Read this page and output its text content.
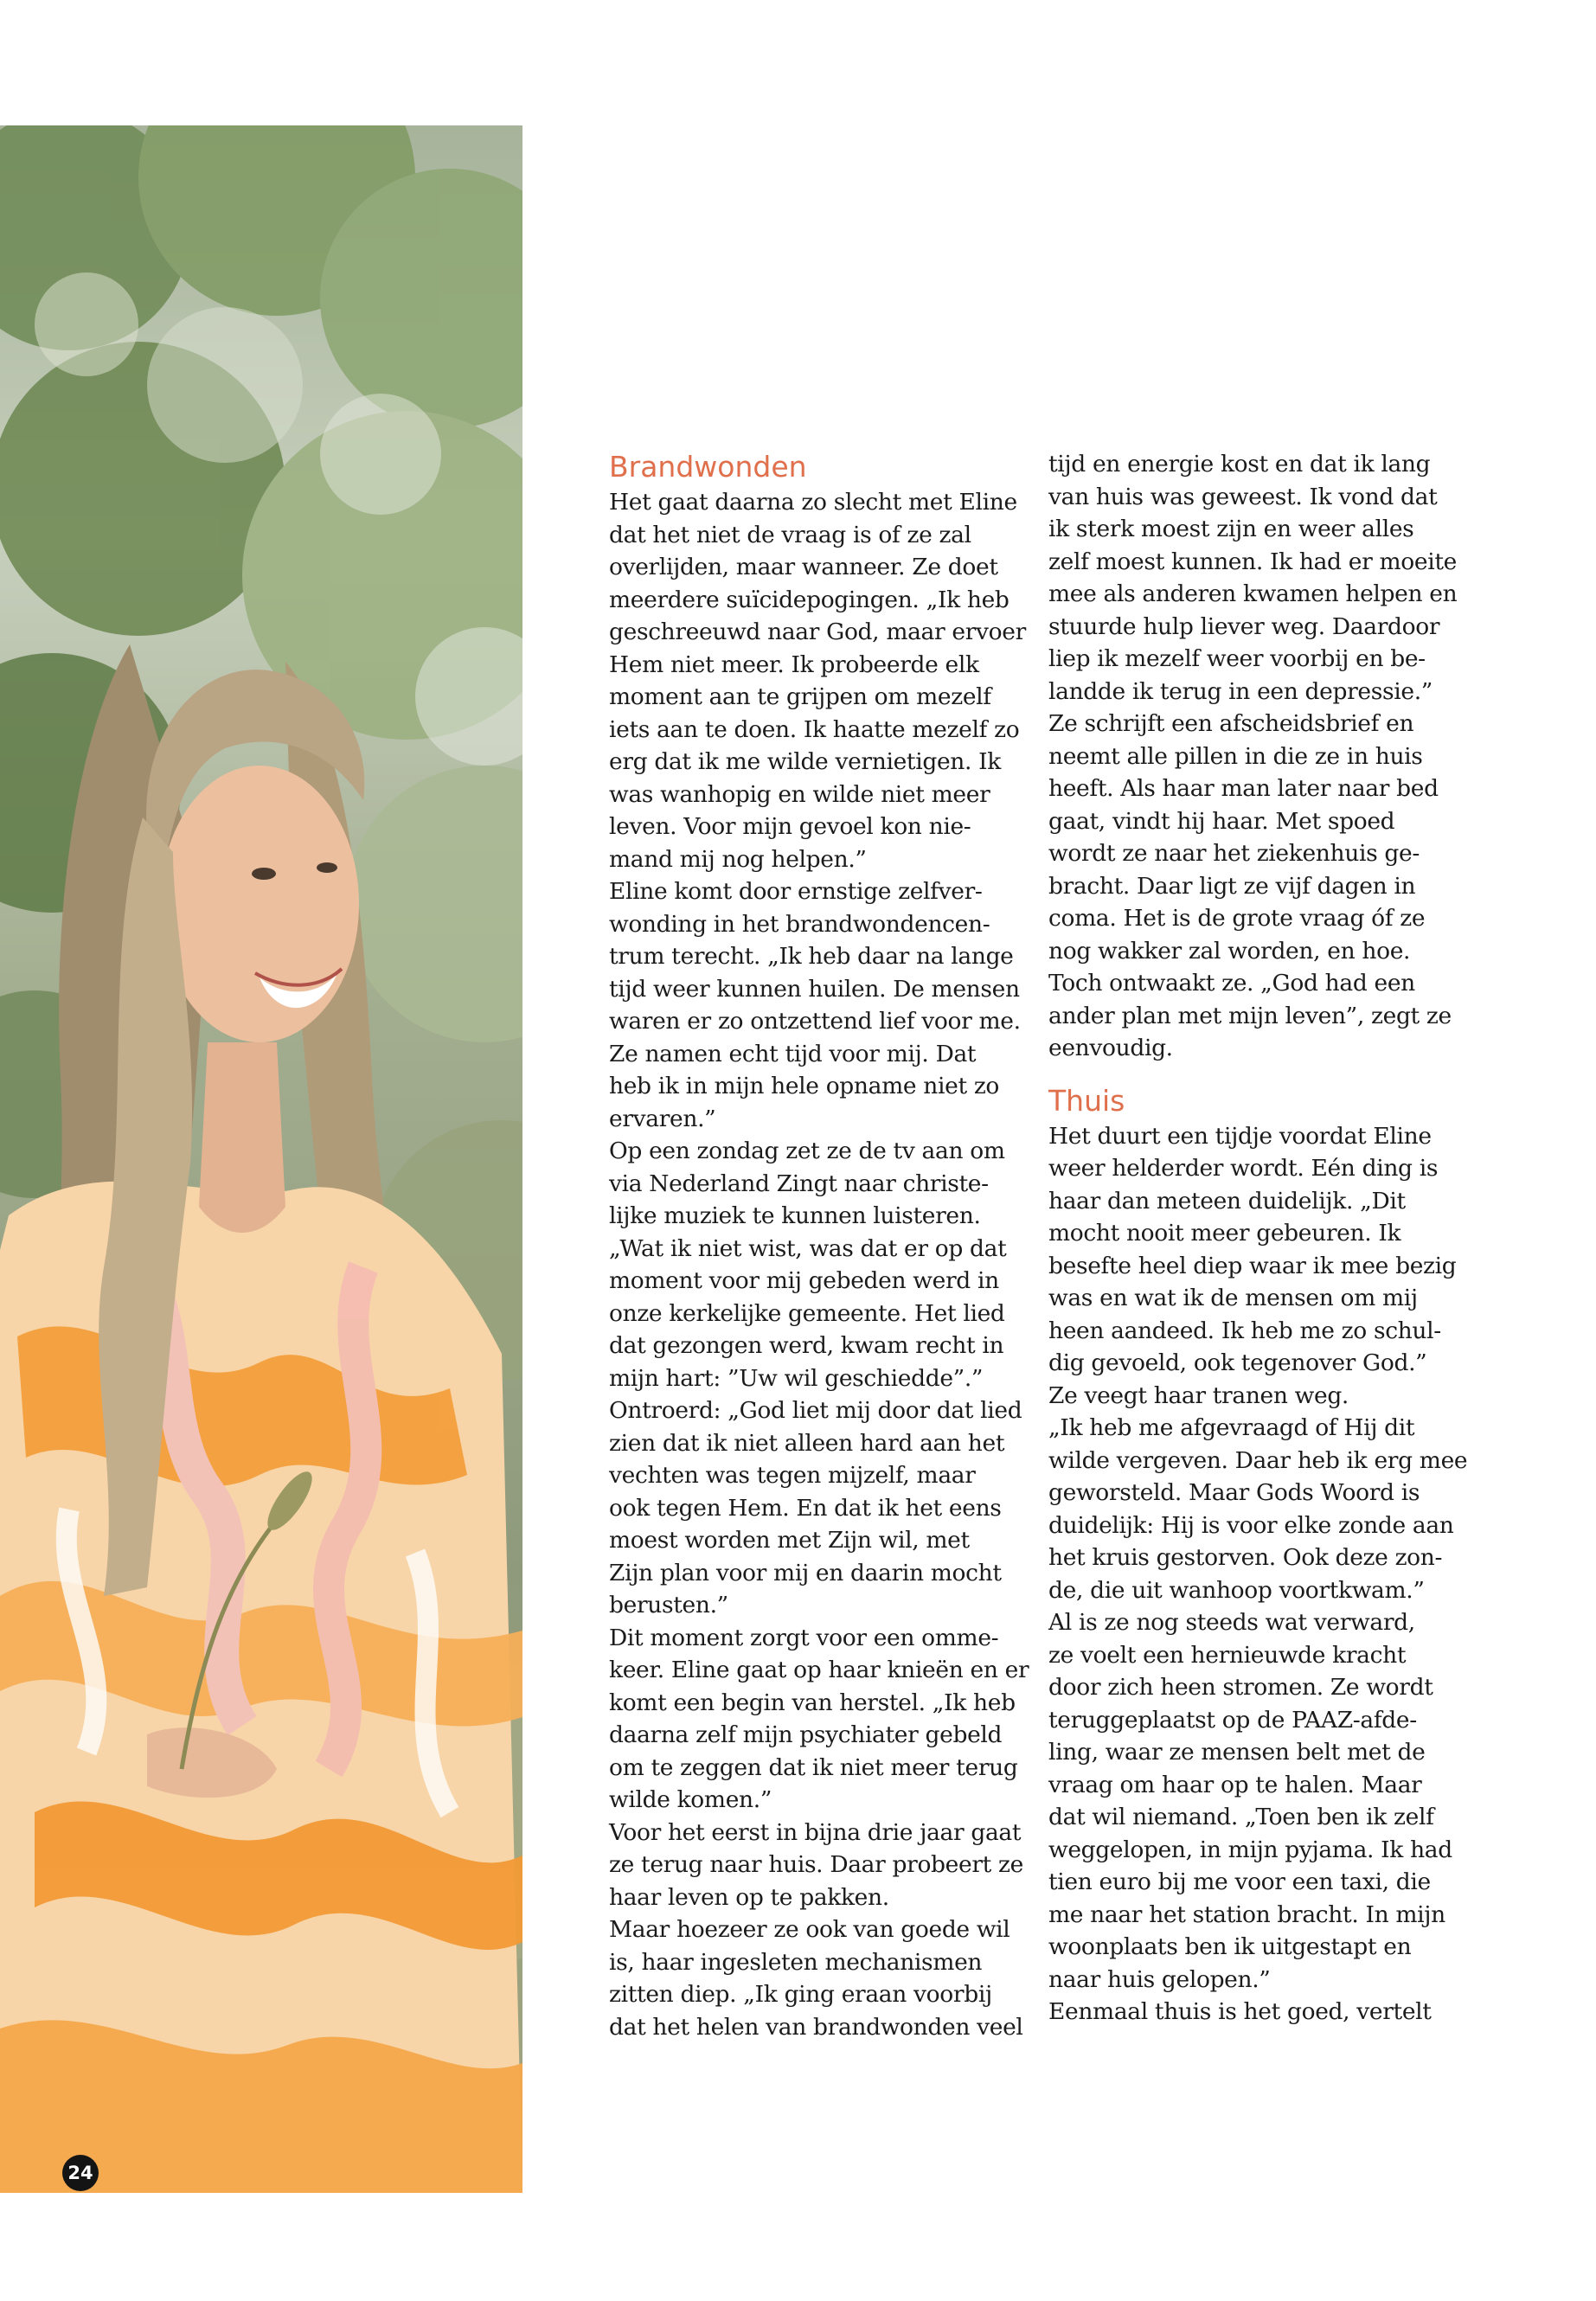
24
Brandwonden

Het gaat daarna zo slecht met Eline
dat het niet de vraag is of ze zal
overlijden, maar wanneer. Ze doet
meerdere suïcidepogingen. „Ik heb
geschreeuwd naar God, maar ervoer
Hem niet meer. Ik probeerde elk
moment aan te grijpen om mezelf
iets aan te doen. Ik haatte mezelf zo
erg dat ik me wilde vernietigen. Ik
was wanhopig en wilde niet meer
leven. Voor mijn gevoel kon nie-
mand mij nog helpen.”

Eline komt door ernstige zelfver-
wonding in het brandwondencen-
trum terecht. „Ik heb daar na lange
tijd weer kunnen huilen. De mensen
waren er zo ontzettend lief voor me.
Ze namen echt tijd voor mij. Dat
heb ik in mijn hele opname niet zo
ervaren.”

Op een zondag zet ze de tv aan om
via Nederland Zingt naar christe-
lijke muziek te kunnen luisteren.
„Wat ik niet wist, was dat er op dat
moment voor mij gebeden werd in
onze kerkelijke gemeente. Het lied
dat gezongen werd, kwam recht in
mijn hart: ”Uw wil geschiedde”.”
Ontroerd: „God liet mij door dat lied
zien dat ik niet alleen hard aan het
vechten was tegen mijzelf, maar
ook tegen Hem. En dat ik het eens
moest worden met Zijn wil, met
Zijn plan voor mij en daarin mocht
berusten.”

Dit moment zorgt voor een omme-
keer. Eline gaat op haar knieën en er
komt een begin van herstel. „Ik heb
daarna zelf mijn psychiater gebeld
om te zeggen dat ik niet meer terug
wilde komen.”

Voor het eerst in bijna drie jaar gaat
ze terug naar huis. Daar probeert ze
haar leven op te pakken.

Maar hoezeer ze ook van goede wil
is, haar ingesleten mechanismen
zitten diep. „Ik ging eraan voorbij
dat het helen van brandwonden veel

tijd en energie kost en dat ik lang
van huis was geweest. Ik vond dat
ik sterk moest zijn en weer alles
zelf moest kunnen. Ik had er moeite
mee als anderen kwamen helpen en
stuurde hulp liever weg. Daardoor
liep ik mezelf weer voorbij en be-
landde ik terug in een depressie.”

Ze schrijft een afscheidsbrief en
neemt alle pillen in die ze in huis
heeft. Als haar man later naar bed
gaat, vindt hij haar. Met spoed
wordt ze naar het ziekenhuis ge-
bracht. Daar ligt ze vijf dagen in
coma. Het is de grote vraag óf ze
nog wakker zal worden, en hoe.
Toch ontwaakt ze. „God had een
ander plan met mijn leven”, zegt ze
eenvoudig.

Thuis

Het duurt een tijdje voordat Eline
weer helderder wordt. Eén ding is
haar dan meteen duidelijk. „Dit
mocht nooit meer gebeuren. Ik
besefte heel diep waar ik mee bezig
was en wat ik de mensen om mij
heen aandeed. Ik heb me zo schul-
dig gevoeld, ook tegenover God.”

Ze veegt haar tranen weg.

„Ik heb me afgevraagd of Hij dit
wilde vergeven. Daar heb ik erg mee
geworsteld. Maar Gods Woord is
duidelijk: Hij is voor elke zonde aan
het kruis gestorven. Ook deze zon-
de, die uit wanhoop voortkwam.”

Al is ze nog steeds wat verward,
ze voelt een hernieuwde kracht
door zich heen stromen. Ze wordt
teruggeplaatst op de PAAZ-afde-
ling, waar ze mensen belt met de
vraag om haar op te halen. Maar
dat wil niemand. „Toen ben ik zelf
weggelopen, in mijn pyjama. Ik had
tien euro bij me voor een taxi, die
me naar het station bracht. In mijn
woonplaats ben ik uitgestapt en
naar huis gelopen.”

Eenmaal thuis is het goed, vertelt
